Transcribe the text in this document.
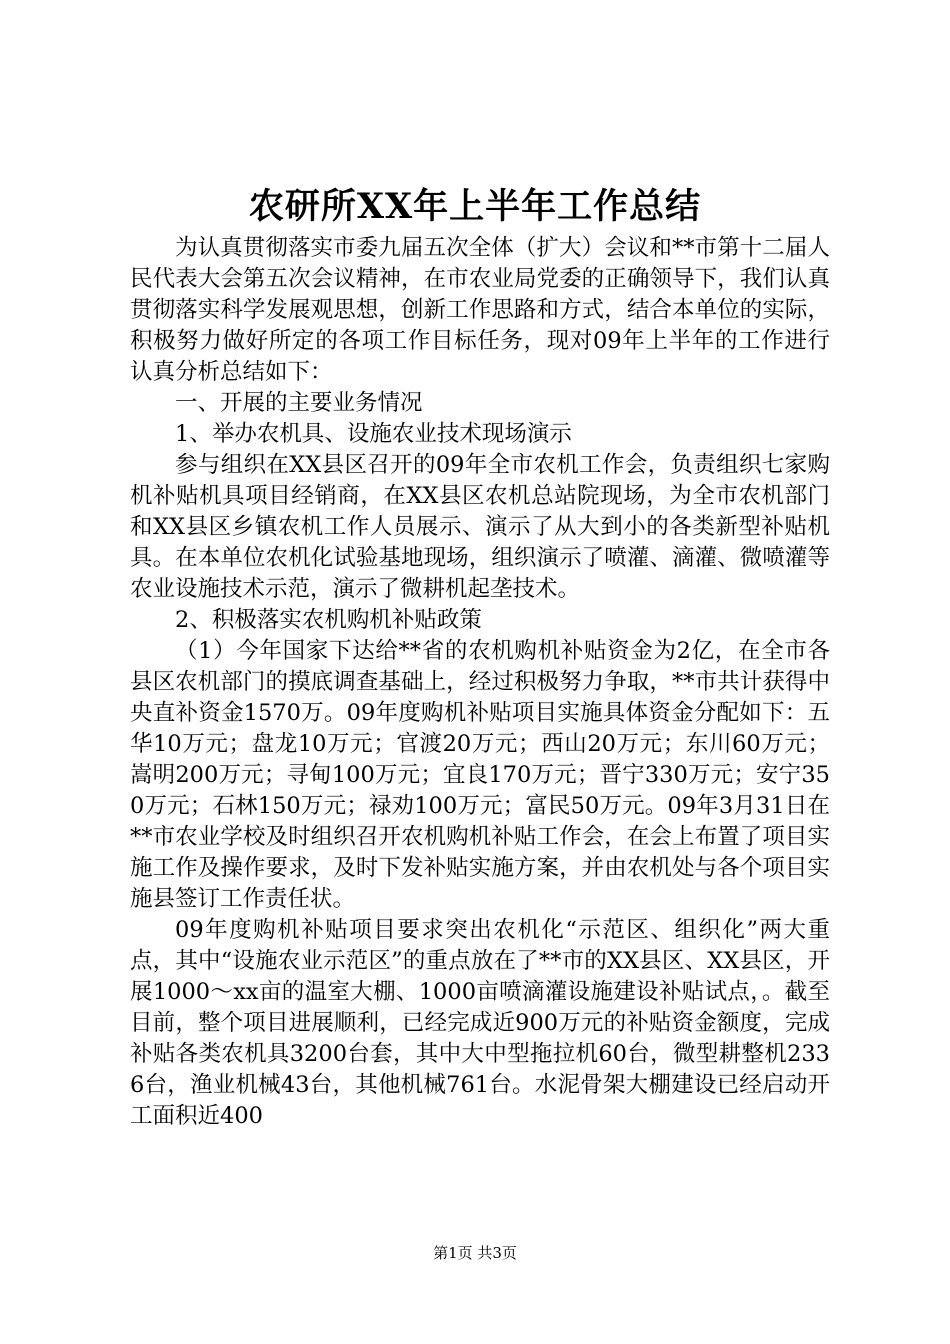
农研所XX年上半年工作总结

为认真贯彻落实市委九届五次全体（扩大）会议和**市第十二届人民代表大会第五次会议精神，在市农业局党委的正确领导下，我们认真贯彻落实科学发展观思想，创新工作思路和方式，结合本单位的实际，积极努力做好所定的各项工作目标任务，现对09年上半年的工作进行认真分析总结如下：

一、开展的主要业务情况

1、举办农机具、设施农业技术现场演示

参与组织在XX县区召开的09年全市农机工作会，负责组织七家购机补贴机具项目经销商，在XX县区农机总站院现场，为全市农机部门和XX县区乡镇农机工作人员展示、演示了从大到小的各类新型补贴机具。在本单位农机化试验基地现场，组织演示了喷灌、滴灌、微喷灌等农业设施技术示范，演示了微耕机起垄技术。

2、积极落实农机购机补贴政策

（1）今年国家下达给**省的农机购机补贴资金为2亿，在全市各县区农机部门的摸底调查基础上，经过积极努力争取，**市共计获得中央直补资金1570万。09年度购机补贴项目实施具体资金分配如下：五华10万元；盘龙10万元；官渡20万元；西山20万元；东川60万元；嵩明200万元；寻甸100万元；宜良170万元；晋宁330万元；安宁350万元；石林150万元；禄劝100万元；富民50万元。09年3月31日在**市农业学校及时组织召开农机购机补贴工作会，在会上布置了项目实施工作及操作要求，及时下发补贴实施方案，并由农机处与各个项目实施县签订工作责任状。

09年度购机补贴项目要求突出农机化“示范区、组织化”两大重点，其中“设施农业示范区”的重点放在了**市的XX县区、XX县区，开展1000～xx亩的温室大棚、1000亩喷滴灌设施建设补贴试点，。截至目前，整个项目进展顺利，已经完成近900万元的补贴资金额度，完成补贴各类农机具3200台套，其中大中型拖拉机60台，微型耕整机2336台，渔业机械43台，其他机械761台。水泥骨架大棚建设已经启动开工面积近400

第1页 共3页
